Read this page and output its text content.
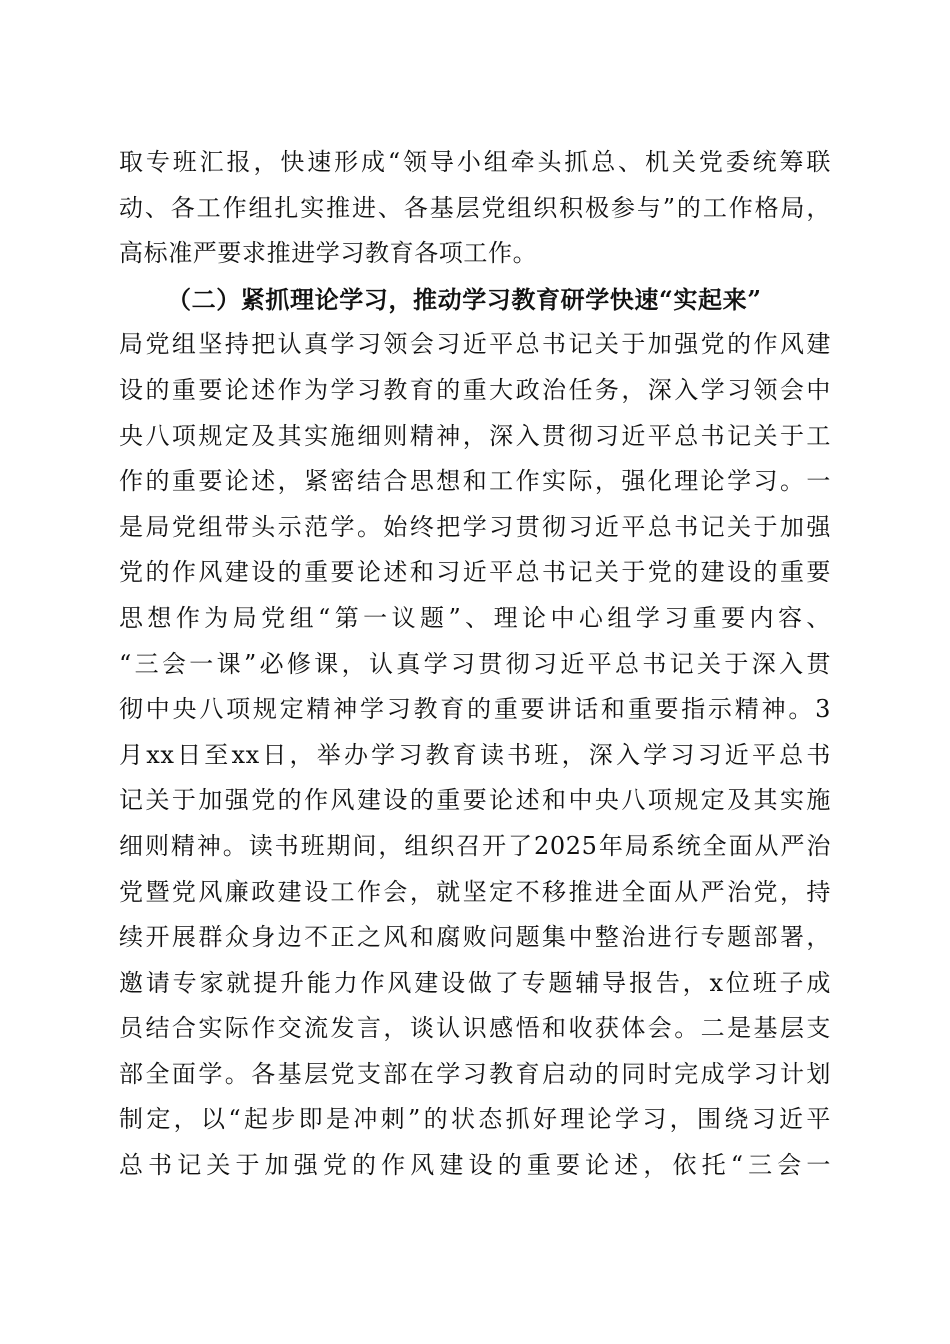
取专班汇报，快速形成“领导小组牵头抓总、机关党委统筹联
动、各工作组扎实推进、各基层党组织积极参与”的工作格局，
高标准严要求推进学习教育各项工作。
（二）紧抓理论学习，推动学习教育研学快速“实起来”
局党组坚持把认真学习领会习近平总书记关于加强党的作风建
设的重要论述作为学习教育的重大政治任务，深入学习领会中
央八项规定及其实施细则精神，深入贯彻习近平总书记关于工
作的重要论述，紧密结合思想和工作实际，强化理论学习。一
是局党组带头示范学。始终把学习贯彻习近平总书记关于加强
党的作风建设的重要论述和习近平总书记关于党的建设的重要
思想作为局党组“第一议题”、理论中心组学习重要内容、
“三会一课”必修课，认真学习贯彻习近平总书记关于深入贯
彻中央八项规定精神学习教育的重要讲话和重要指示精神。3
月xx日至xx日，举办学习教育读书班，深入学习习近平总书
记关于加强党的作风建设的重要论述和中央八项规定及其实施
细则精神。读书班期间，组织召开了2025年局系统全面从严治
党暨党风廉政建设工作会，就坚定不移推进全面从严治党，持
续开展群众身边不正之风和腐败问题集中整治进行专题部署，
邀请专家就提升能力作风建设做了专题辅导报告，x位班子成
员结合实际作交流发言，谈认识感悟和收获体会。二是基层支
部全面学。各基层党支部在学习教育启动的同时完成学习计划
制定，以“起步即是冲刺”的状态抓好理论学习，围绕习近平
总书记关于加强党的作风建设的重要论述，依托“三会一
